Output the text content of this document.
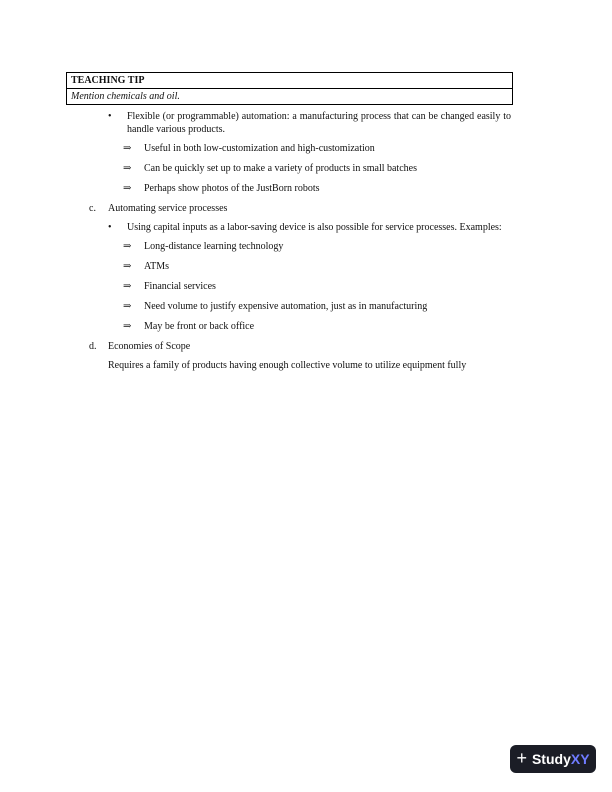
TEACHING TIP
Mention chemicals and oil.
• Flexible (or programmable) automation: a manufacturing process that can be changed easily to handle various products.
⇒ Useful in both low-customization and high-customization
⇒ Can be quickly set up to make a variety of products in small batches
⇒ Perhaps show photos of the JustBorn robots
c. Automating service processes
• Using capital inputs as a labor-saving device is also possible for service processes. Examples:
⇒ Long-distance learning technology
⇒ ATMs
⇒ Financial services
⇒ Need volume to justify expensive automation, just as in manufacturing
⇒ May be front or back office
d. Economies of Scope
Requires a family of products having enough collective volume to utilize equipment fully
+ Study XY
